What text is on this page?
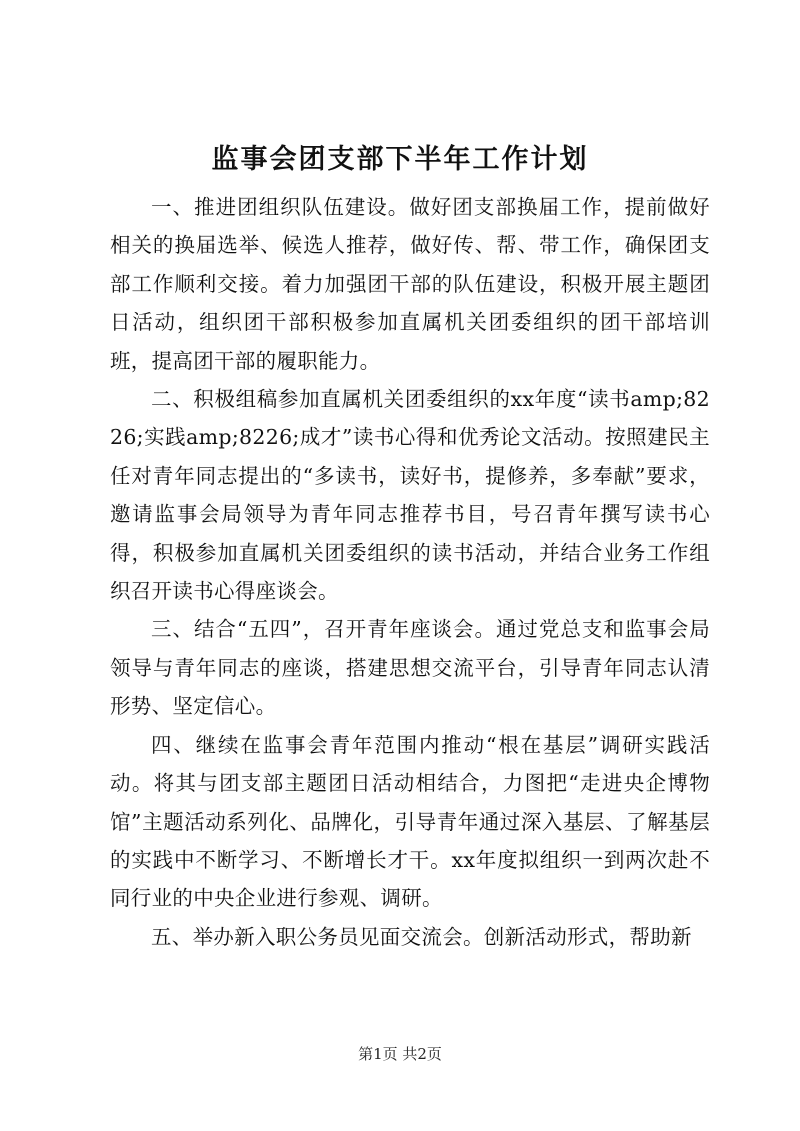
监事会团支部下半年工作计划

一、推进团组织队伍建设。做好团支部换届工作，提前做好相关的换届选举、候选人推荐，做好传、帮、带工作，确保团支部工作顺利交接。着力加强团干部的队伍建设，积极开展主题团日活动，组织团干部积极参加直属机关团委组织的团干部培训班，提高团干部的履职能力。

二、积极组稿参加直属机关团委组织的xx年度“读书amp;8226;实践amp;8226;成才”读书心得和优秀论文活动。按照建民主任对青年同志提出的“多读书，读好书，提修养，多奉献”要求，邀请监事会局领导为青年同志推荐书目，号召青年撰写读书心得，积极参加直属机关团委组织的读书活动，并结合业务工作组织召开读书心得座谈会。

三、结合“五四”，召开青年座谈会。通过党总支和监事会局领导与青年同志的座谈，搭建思想交流平台，引导青年同志认清形势、坚定信心。

四、继续在监事会青年范围内推动“根在基层”调研实践活动。将其与团支部主题团日活动相结合，力图把“走进央企博物馆”主题活动系列化、品牌化，引导青年通过深入基层、了解基层的实践中不断学习、不断增长才干。xx年度拟组织一到两次赴不同行业的中央企业进行参观、调研。

五、举办新入职公务员见面交流会。创新活动形式，帮助新

第1页 共2页
